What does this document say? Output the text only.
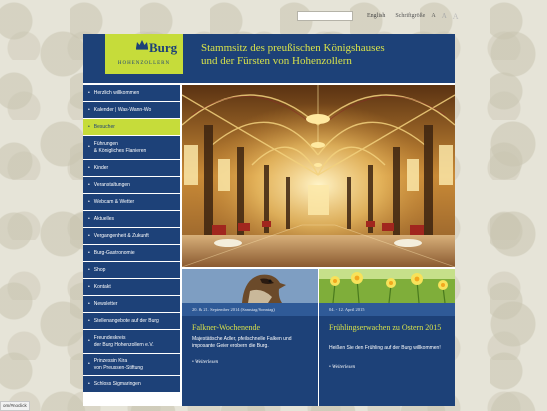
English Schriftgröße A A A
Burg
HOHENZOLLERN
Stammsitz des preußischen Königshauses
und der Fürsten von Hohenzollern
• Herzlich willkommen
• Kalender | Was-Wann-Wo
• Besucher
•
Führungen
& Königliches Flanieren
• Kinder
• Veranstaltungen
• Webcam & Wetter
• Aktuelles
• Vergangenheit & Zukunft
• Burg-Gastronomie
• Shop
• Kontakt
• Newsletter
• Stellenangebote auf der Burg
•
Freundeskreis
der Burg Hohenzollern e.V.
•
Prinzessin Kira
von Preussen-Stiftung
• Schloss Sigmaringen
20. & 21. September 2014 (Samstag/Sonntag)
Falkner-Wochenende
Majestätische Adler, pfeilschnelle Falken und imposante Geier erobern die Burg.
• Weiterlesen
04. - 12. April 2015
Frühlingserwachen zu Ostern 2015
Heißen Sie den Frühling auf der Burg willkommen!
• Weiterlesen
om/#noclick
